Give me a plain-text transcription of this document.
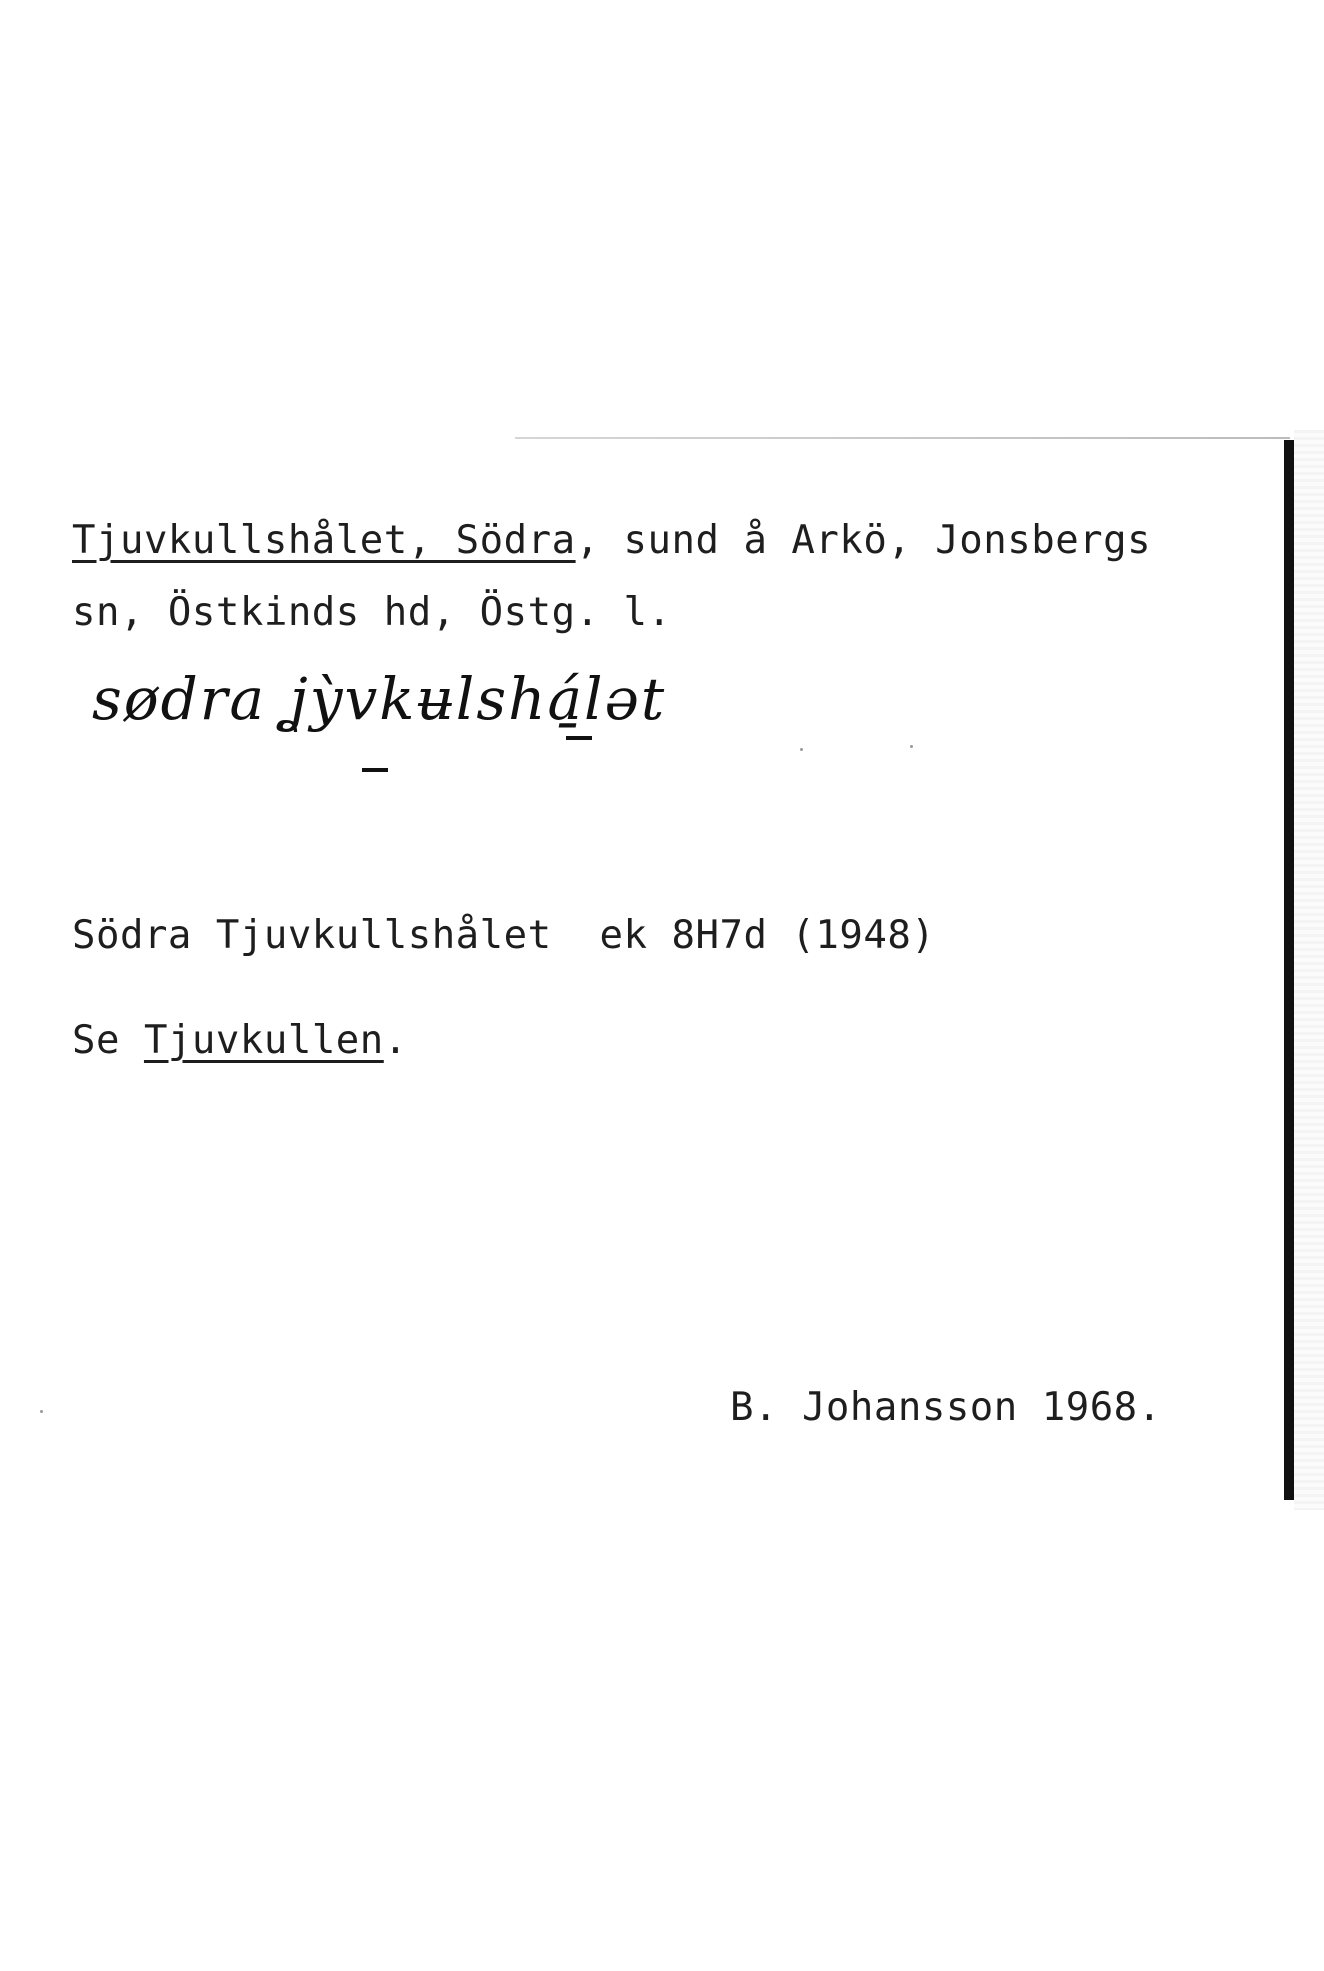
Tjuvkullshålet, Södra, sund å Arkö, Jonsbergs
sn, Östkinds hd, Östg. l.
sødra ʝỳvkʉlshá̱lət
Södra Tjuvkullshålet  ek 8H7d (1948)
Se Tjuvkullen.
B. Johansson 1968.
